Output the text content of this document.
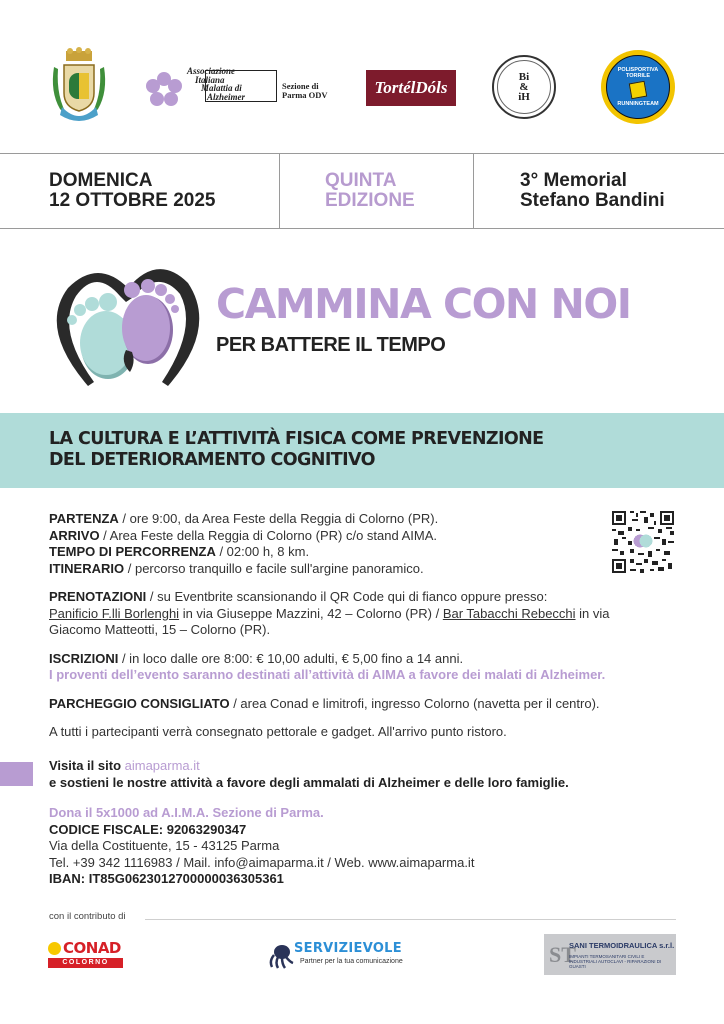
Associazione
Italiana
Malattia di
Alzheimer
Sezione di
Parma ODV	TortélDóls
Bi
&
iH
POLISPORTIVA TORRILE
RUNNINGTEAM
DOMENICA
12 OTTOBRE 2025
QUINTA
EDIZIONE
3° Memorial
Stefano Bandini
CAMMINA CON NOI
PER BATTERE IL TEMPO
LA CULTURA E L’ATTIVITÀ FISICA COME PREVENZIONE
DEL DETERIORAMENTO COGNITIVO
PARTENZA / ore 9:00, da Area Feste della Reggia di Colorno (PR).
ARRIVO / Area Feste della Reggia di Colorno (PR) c/o stand AIMA.
TEMPO DI PERCORRENZA / 02:00 h, 8 km.
ITINERARIO / percorso tranquillo e facile sull'argine panoramico.
PRENOTAZIONI / su Eventbrite scansionando il QR Code qui di fianco oppure presso:
Panificio F.lli Borlenghi in via Giuseppe Mazzini, 42 – Colorno (PR) / Bar Tabacchi Rebecchi in via Giacomo Matteotti, 15 – Colorno (PR).
ISCRIZIONI / in loco dalle ore 8:00: € 10,00 adulti, € 5,00 fino a 14 anni.
I proventi dell’evento saranno destinati all’attività di AIMA a favore dei malati di Alzheimer.
PARCHEGGIO CONSIGLIATO / area Conad e limitrofi, ingresso Colorno (navetta per il centro).
A tutti i partecipanti verrà consegnato pettorale e gadget. All'arrivo punto ristoro.
Visita il sito aimaparma.it
e sostieni le nostre attività a favore degli ammalati di Alzheimer e delle loro famiglie.
Dona il 5x1000 ad A.I.M.A. Sezione di Parma.
CODICE FISCALE: 92063290347
Via della Costituente, 15 - 43125 Parma
Tel. +39 342 1116983 / Mail. info@aimaparma.it / Web. www.aimaparma.it
IBAN: IT85G0623012700000036305361
con il contributo di
CONAD
COLORNO
SERVIZIEVOLE
Partner per la tua comunicazione	ST
SANI TERMOIDRAULICA s.r.l.
IMPIANTI TERMOSANITARI CIVILI E INDUSTRIALI AUTOCLAVI - RIPARAZIONI DI GUASTI
